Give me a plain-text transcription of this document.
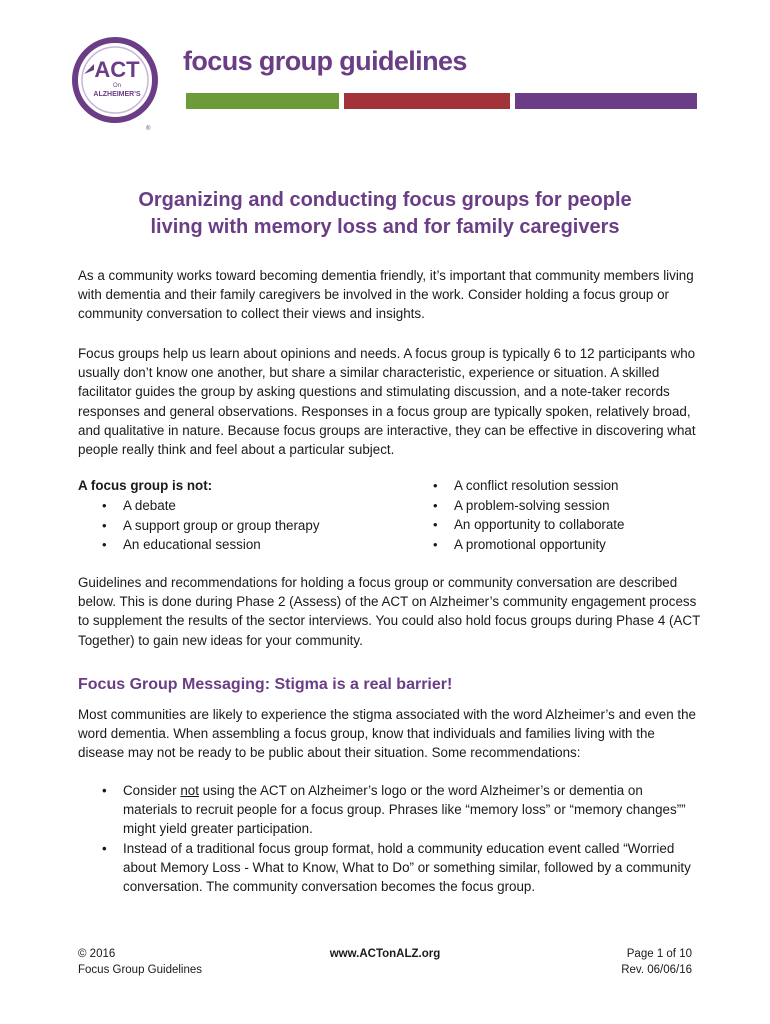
ACT
On
ALZHEIMER'S
®
focus group guidelines
Organizing and conducting focus groups for people
living with memory loss and for family caregivers
As a community works toward becoming dementia friendly, it’s important that community members living with dementia and their family caregivers be involved in the work. Consider holding a focus group or community conversation to collect their views and insights.
Focus groups help us learn about opinions and needs. A focus group is typically 6 to 12 participants who usually don’t know one another, but share a similar characteristic, experience or situation. A skilled facilitator guides the group by asking questions and stimulating discussion, and a note-taker records responses and general observations. Responses in a focus group are typically spoken, relatively broad, and qualitative in nature. Because focus groups are interactive, they can be effective in discovering what people really think and feel about a particular subject.
A focus group is not:
• A debate
• A support group or group therapy
• An educational session
• A conflict resolution session
• A problem-solving session
• An opportunity to collaborate
• A promotional opportunity
Guidelines and recommendations for holding a focus group or community conversation are described below. This is done during Phase 2 (Assess) of the ACT on Alzheimer’s community engagement process to supplement the results of the sector interviews. You could also hold focus groups during Phase 4 (ACT Together) to gain new ideas for your community.
Focus Group Messaging: Stigma is a real barrier!
Most communities are likely to experience the stigma associated with the word Alzheimer’s and even the word dementia. When assembling a focus group, know that individuals and families living with the disease may not be ready to be public about their situation. Some recommendations:
• Consider not using the ACT on Alzheimer’s logo or the word Alzheimer’s or dementia on materials to recruit people for a focus group. Phrases like “memory loss” or “memory changes”” might yield greater participation.
• Instead of a traditional focus group format, hold a community education event called “Worried about Memory Loss - What to Know, What to Do” or something similar, followed by a community conversation. The community conversation becomes the focus group.
© 2016
Focus Group Guidelines
www.ACTonALZ.org	Page 1 of 10
Rev. 06/06/16
